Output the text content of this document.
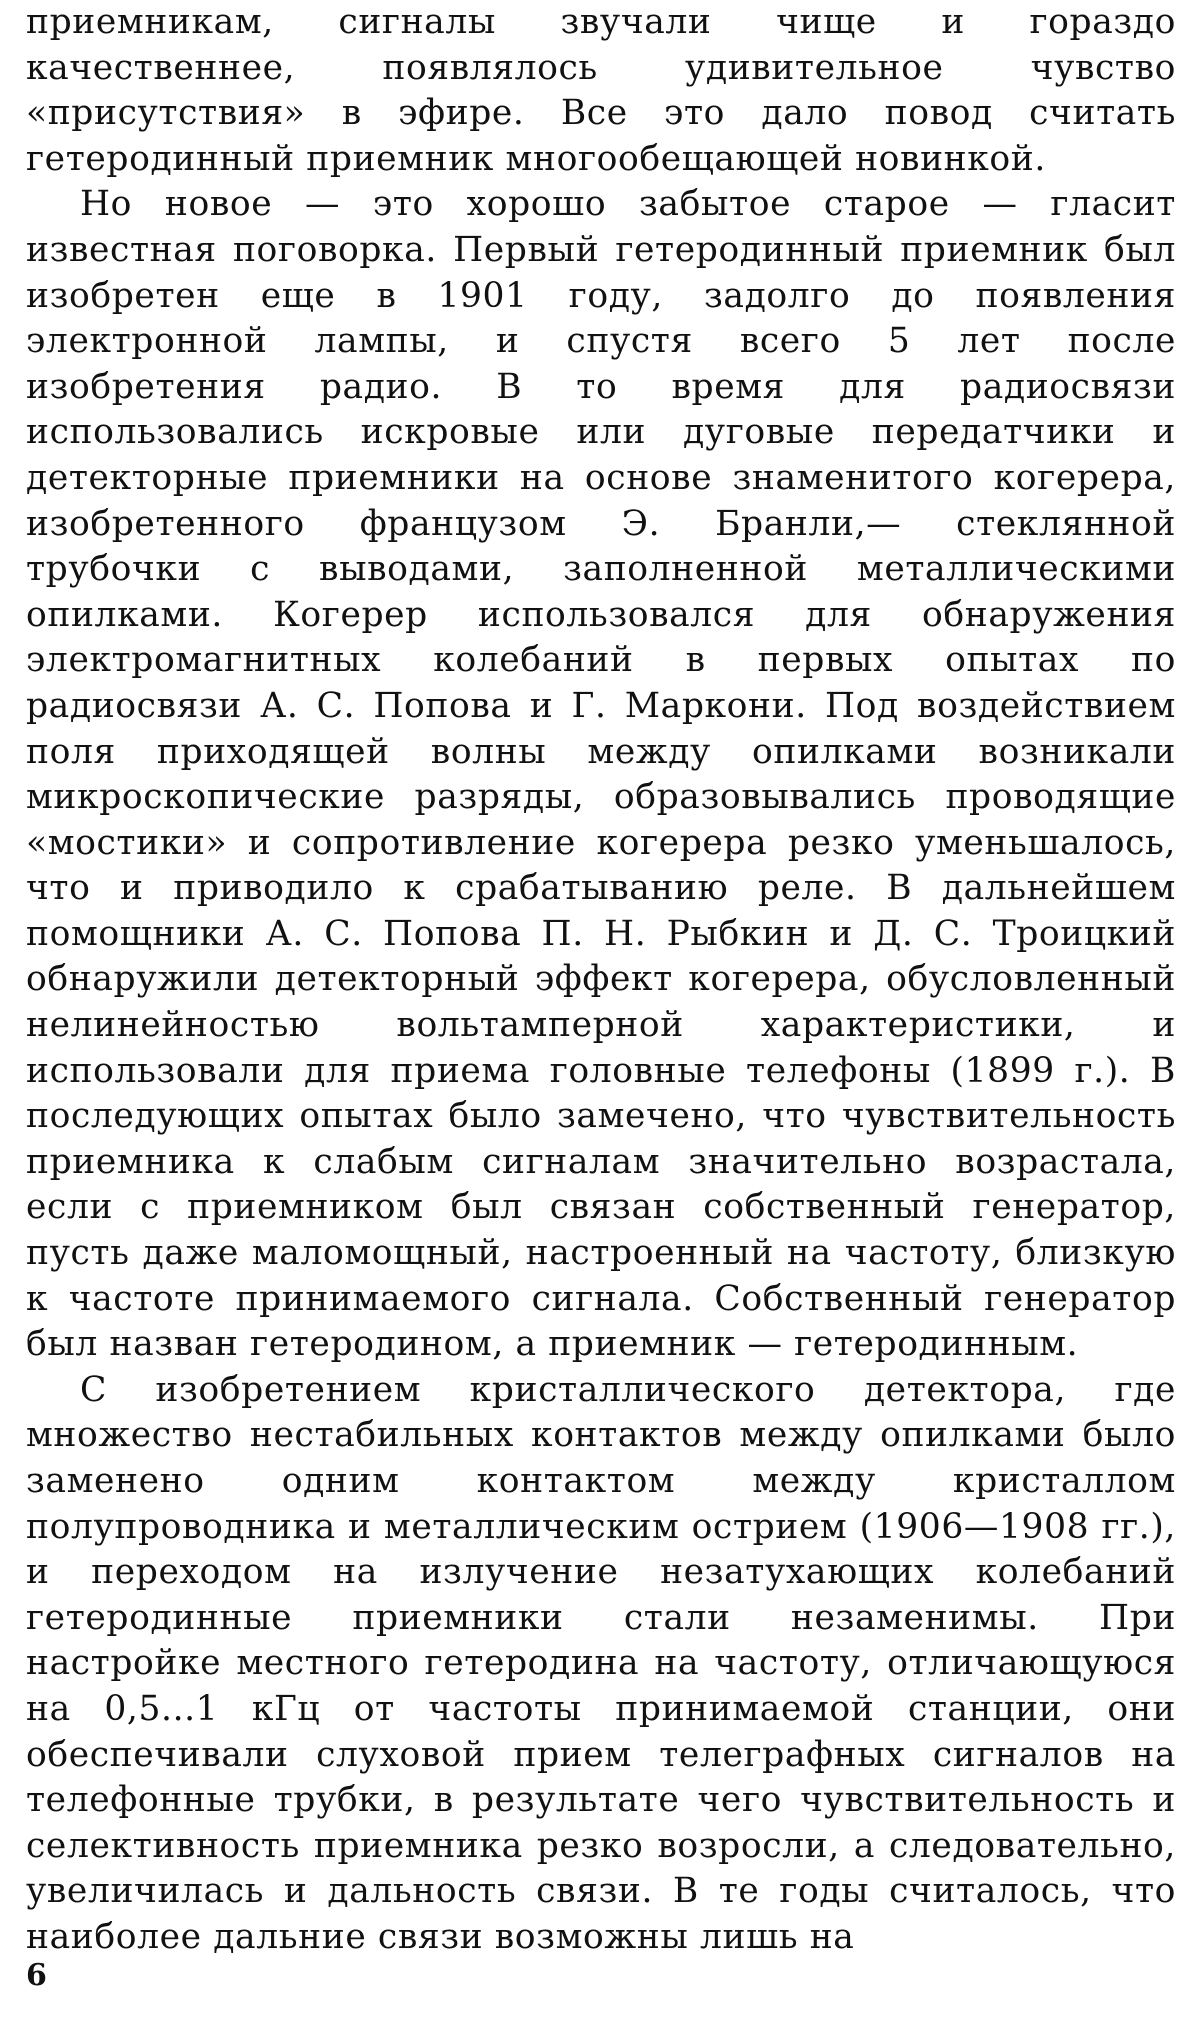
приемникам, сигналы звучали чище и гораздо качественнее, появлялось удивительное чувство «присутствия» в эфире. Все это дало повод считать гетеродинный приемник многообещающей новинкой.

Но новое — это хорошо забытое старое — гласит известная поговорка. Первый гетеродинный приемник был изобретен еще в 1901 году, задолго до появления электронной лампы, и спустя всего 5 лет после изобретения радио. В то время для радиосвязи использовались искровые или дуговые передатчики и детекторные приемники на основе знаменитого когерера, изобретенного французом Э. Бранли,— стеклянной трубочки с выводами, заполненной металлическими опилками. Когерер использовался для обнаружения электромагнитных колебаний в первых опытах по радиосвязи А. С. Попова и Г. Маркони. Под воздействием поля приходящей волны между опилками возникали микроскопические разряды, образовывались проводящие «мостики» и сопротивление когерера резко уменьшалось, что и приводило к срабатыванию реле. В дальнейшем помощники А. С. Попова П. Н. Рыбкин и Д. С. Троицкий обнаружили детекторный эффект когерера, обусловленный нелинейностью вольтамперной характеристики, и использовали для приема головные телефоны (1899 г.). В последующих опытах было замечено, что чувствительность приемника к слабым сигналам значительно возрастала, если с приемником был связан собственный генератор, пусть даже маломощный, настроенный на частоту, близкую к частоте принимаемого сигнала. Собственный генератор был назван гетеродином, а приемник — гетеродинным.

С изобретением кристаллического детектора, где множество нестабильных контактов между опилками было заменено одним контактом между кристаллом полупроводника и металлическим острием (1906—1908 гг.), и переходом на излучение незатухающих колебаний гетеродинные приемники стали незаменимы. При настройке местного гетеродина на частоту, отличающуюся на 0,5...1 кГц от частоты принимаемой станции, они обеспечивали слуховой прием телеграфных сигналов на телефонные трубки, в результате чего чувствительность и селективность приемника резко возросли, а следовательно, увеличилась и дальность связи. В те годы считалось, что наиболее дальние связи возможны лишь на

6
